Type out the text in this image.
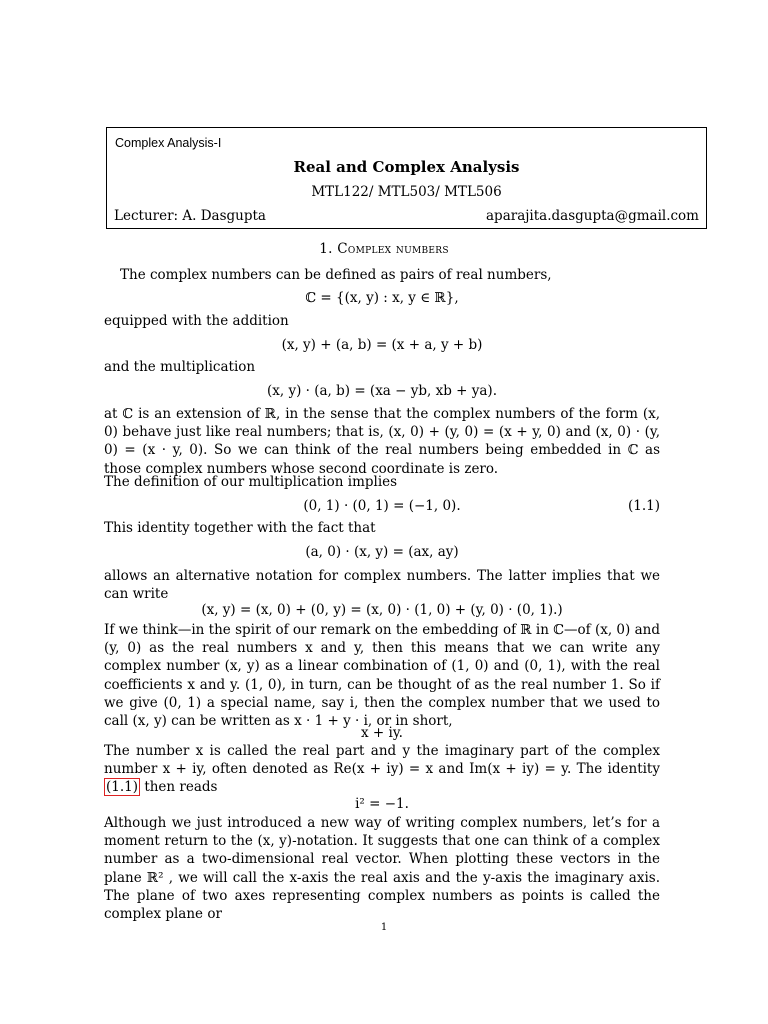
Complex Analysis-I
Real and Complex Analysis
MTL122/ MTL503/ MTL506
Lecturer: A. Dasgupta	aparajita.dasgupta@gmail.com
1. Complex numbers
The complex numbers can be defined as pairs of real numbers,
ℂ = {(x, y) : x, y ∈ ℝ},
equipped with the addition
(x, y) + (a, b) = (x + a, y + b)
and the multiplication
(x, y) · (a, b) = (xa − yb, xb + ya).
at ℂ is an extension of ℝ, in the sense that the complex numbers of the form (x, 0) behave just like real numbers; that is, (x, 0) + (y, 0) = (x + y, 0) and (x, 0) · (y, 0) = (x · y, 0). So we can think of the real numbers being embedded in ℂ as those complex numbers whose second coordinate is zero.
The definition of our multiplication implies
(0, 1) · (0, 1) = (−1, 0).	(1.1)
This identity together with the fact that
(a, 0) · (x, y) = (ax, ay)
allows an alternative notation for complex numbers. The latter implies that we can write
(x, y) = (x, 0) + (0, y) = (x, 0) · (1, 0) + (y, 0) · (0, 1).)
If we think—in the spirit of our remark on the embedding of ℝ in ℂ—of (x, 0) and (y, 0) as the real numbers x and y, then this means that we can write any complex number (x, y) as a linear combination of (1, 0) and (0, 1), with the real coefficients x and y. (1, 0), in turn, can be thought of as the real number 1. So if we give (0, 1) a special name, say i, then the complex number that we used to call (x, y) can be written as x · 1 + y · i, or in short,
x + iy.
The number x is called the real part and y the imaginary part of the complex number x + iy, often denoted as Re(x + iy) = x and Im(x + iy) = y. The identity (1.1) then reads
i² = −1.
Although we just introduced a new way of writing complex numbers, let’s for a moment return to the (x, y)-notation. It suggests that one can think of a complex number as a two-dimensional real vector. When plotting these vectors in the plane ℝ² , we will call the x-axis the real axis and the y-axis the imaginary axis. The plane of two axes representing complex numbers as points is called the complex plane or
1
